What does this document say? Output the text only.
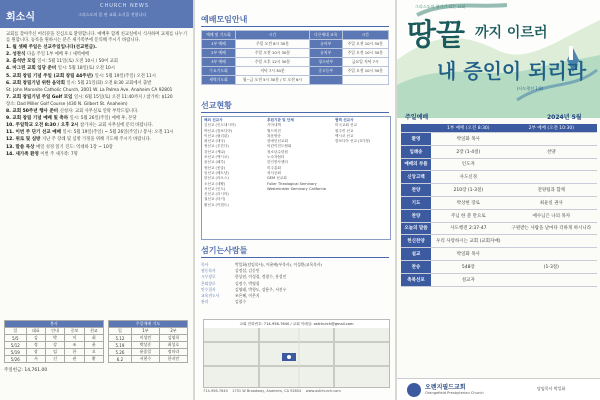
회소식
CHURCH NEWS
그리스도의 몸 된 교회 소식을 전합니다

교회를 찾아주신 여러분을 진심으로 환영합니다. 예배후 함께 친교실에서 식사하며 교제를 나누기를 원합니다. 등록을 원하시는 분은 새가족부에 문의해 주시기 바랍니다.

1. 월 셋째 주일은 선교주일입니다(선교헌금).

2. 성찬식 다음 주일 1부 예배 후 / 새벽예배

3. 출석반 모임 일시: 5월 11일(토) 오전 10시 / 50여 교회

4. 마그린 교회 입당 준비 일시: 5월 18일(토) 오전 10시

5. 교회 창립 기념 주일 (교회 창립 44주년) 일시: 5월 19일(주일) 오전 11시

6. 교회 창립기념 위한 음악회 일시: 5월 21일(화) 오전 8:30 교회에서 출발

St. John Maronite Catholic Church, 2001 W. La Palma Ave. Anaheim CA 92801

7. 교회 창립기념 주일 Golf 모임 일시: 6월 15일(토) 오전 11:40까지 / 참가비: $120

장소: Dad Miller Golf Course (430 N. Gilbert St. Anaheim)

8. 교회 50주년 행사 준비 신청자: 교회 사무실로 연락 부탁드립니다.

9. 교회 창립 기념 예배 및 축하 일시: 5월 26일(주일) 예배 후, 본당

10. 주일학교 오전 8:30 / 오후 2시 참가자는 교회 사무실에 문의 바랍니다.

11. 이번 주 단기 선교 예배 일시: 5월 19일(주일) ~ 5월 26일(주일) / 봉사: 오전 11시

12. 위로 및 심방 지난 주 장례 및 심방 가정을 위해 기도해 주시기 바랍니다.

13. 말씀 묵상 매일 성경 읽기 진도: 역대하 1장 ~ 10장

14. 새가족 환영 이번 주 새가족: 7명

봉사				
일	대표	안내	중보	친교
5/5	김	박	이	최
5/12	정	강	조	윤
5/19	장	임	한	오
5/26	서	신	권	황
주일예배 기도		
일	1부	2부
5.12	이성민	김영희
5.19	박상준	최성호
5.26	윤종일	정미라
6.2	서현수	한지민
주일헌금: 14,761.00
예배모임안내
예배 및 기도회	시간	다른세대 교육	시간
1부 예배	주일 오전 8시 30분	유아부	주일 오전 10시 30분
2부 예배	주일 오전 10시 30분	유치부	주일 오전 10시 30분
3부 예배	주일 오후 12시 30분	청소년부	금요일 저녁 7시
수요기도회	저녁 7시 30분	중고등부	주일 오전 10시 30분
새벽기도회	월~금 오전 5시 30분 / 토 오전 6시		
선교현황
해외 선교사
김선교 (인도네시아)
박선교 (캄보디아)
이선교 (필리핀)
최선교 (태국)
정선교 (우간다)
강선교 (케냐)
조선교 (멕시코)
윤선교 (페루)
장선교 (몽골)
임선교 (베트남)
한선교 (라오스)
오선교 (네팔)
서선교 (인도)
신선교 (러시아)
권선교 (터키)
황선교 (이집트)
후원기관 및 단체
기아대책
월드비전
복음방송
장애인선교회
어린이전도협회
청소년수련원
노숙자쉼터
한인봉사센터
미주총회
성서공회
GEM 선교회
Fuller Theological Seminary
Westminster Seminary California
협력 선교사
미국교회 선교
원주민 선교
멕시코 선교
캄보디아 선교 (3가정)
섬기는사람들
목사	박일화(담임목사), 어윤배(부목사), 이성환(교육목사)
협동목사	김정섭, 김동민
시무장로	한상현, 이성철, 정광수, 홍성인
은퇴장로	김정수, 박영철
안수집사	김영태, 박형도, 강용주, 서진우
교육전도사	조은혜, 이은지
관리	김철수
교회 전화번호: 714-956-7640 / 교회 이메일: osfchurch@gmail.com
714-956-7640 1751 W Broadway, Anaheim, CA 92804 www.osfchurch.com
그리스도의 향기가 되는 교회
땅끝 까지 이르러
내 증인이 되리라
(사도행전 1:8)
주일예배	2024년 5월
	1부 예배 (오전 8:30)	2부 예배 (오전 10:30)
환영	박일화 목사	
입례송	2장 (1-4절)	찬양
예배의 부름	인도자	
신앙고백	사도신경	
찬양	210장 (1-3절)	전양팀과 함께
기도	박상현 장로	최윤실 권사
찬양	주님 한 분 만으로	예수님은 나의 목자
오늘의 말씀	사도행전 2:37-47	구원받는 사람을 날마다 더하게 하시니라
헌신찬양	우리 사랑하시는 교회 (교회자매)	
설교	박일화 목사	
찬송	548장	(1-3절)
축복선포	설교자	
오렌지필드교회
Orangefield Presbyterian Church
담임목사 박일화
